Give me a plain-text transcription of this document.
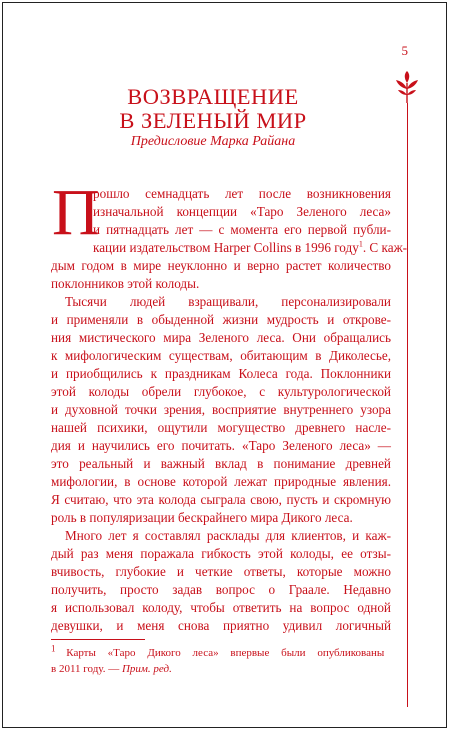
5
ВОЗВРАЩЕНИЕ
В ЗЕЛЕНЫЙ МИР
Предисловие Марка Райана
П
рошло семнадцать лет после возникновения
изначальной концепции «Таро Зеленого леса»
и пятнадцать лет — с момента его первой публи-
кации издательством Harper Collins в 1996 году$^1$. С каж-
дым годом в мире неуклонно и верно растет количество
поклонников этой колоды.
Тысячи людей взращивали, персонализировали
и применяли в обыденной жизни мудрость и открове-
ния мистического мира Зеленого леса. Они обращались
к мифологическим существам, обитающим в Диколесье,
и приобщились к праздникам Колеса года. Поклонники
этой колоды обрели глубокое, с культурологической
и духовной точки зрения, восприятие внутреннего узора
нашей психики, ощутили могущество древнего насле-
дия и научились его почитать. «Таро Зеленого леса» —
это реальный и важный вклад в понимание древней
мифологии, в основе которой лежат природные явления.
Я считаю, что эта колода сыграла свою, пусть и скромную
роль в популяризации бескрайнего мира Дикого леса.
Много лет я составлял расклады для клиентов, и каж-
дый раз меня поражала гибкость этой колоды, ее отзы-
вчивость, глубокие и четкие ответы, которые можно
получить, просто задав вопрос о Граале. Недавно
я использовал колоду, чтобы ответить на вопрос одной
девушки, и меня снова приятно удивил логичный
$^1$ Карты «Таро Дикого леса» впервые были опубликованы
в 2011 году. — Прим. ред.
